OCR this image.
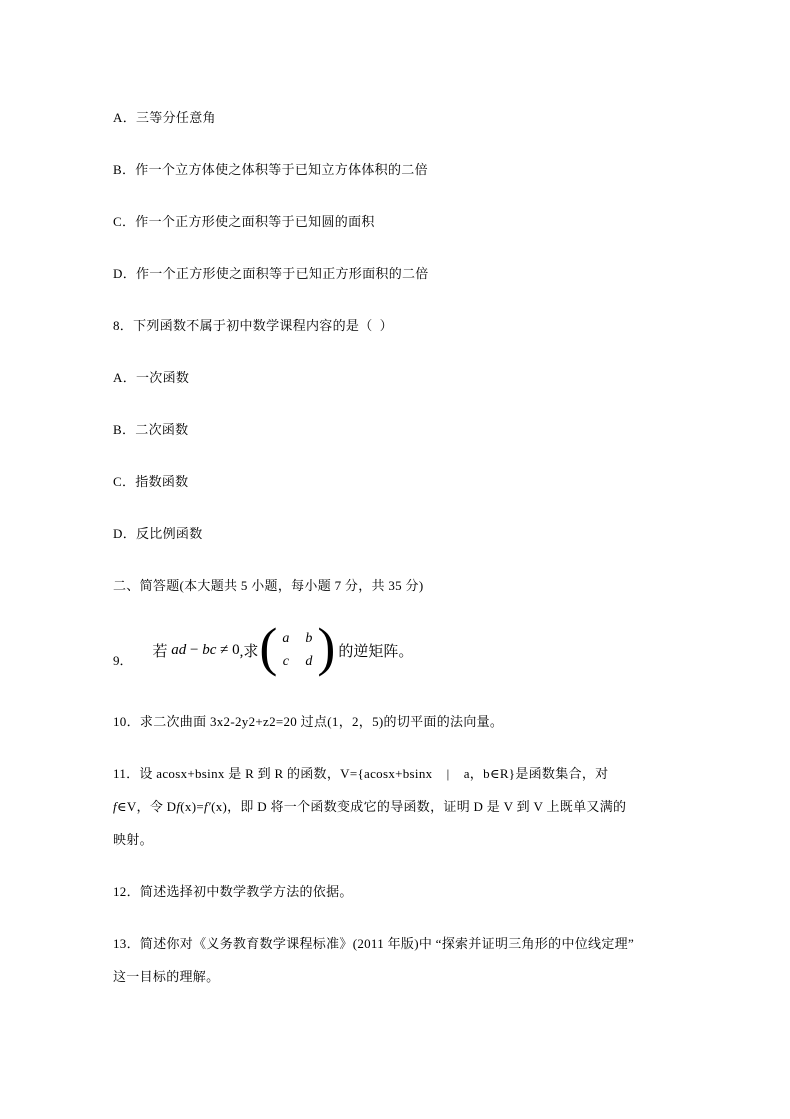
A．三等分任意角

B．作一个立方体使之体积等于已知立方体体积的二倍

C．作一个正方形使之面积等于已知圆的面积

D．作一个正方形使之面积等于已知正方形面积的二倍

8．下列函数不属于初中数学课程内容的是（  ）

A．一次函数

B．二次函数

C．指数函数

D．反比例函数

二、简答题(本大题共 5 小题，每小题 7 分，共 35 分)

9．
若 ad − bc ≠ 0 ,求 ( a b
c d ) 的逆矩阵。

10．求二次曲面 3x2-2y2+z2=20 过点(1，2，5)的切平面的法向量。

11．设 acosx+bsinx 是 R 到 R 的函数，V={acosx+bsinx    |    a，b∈R}是函数集合，对

f∈V，令 Df(x)=f′(x)，即 D 将一个函数变成它的导函数，证明 D 是 V 到 V 上既单又满的

映射。

12．简述选择初中数学教学方法的依据。

13．简述你对《义务教育数学课程标准》(2011 年版)中 “探索并证明三角形的中位线定理”

这一目标的理解。
